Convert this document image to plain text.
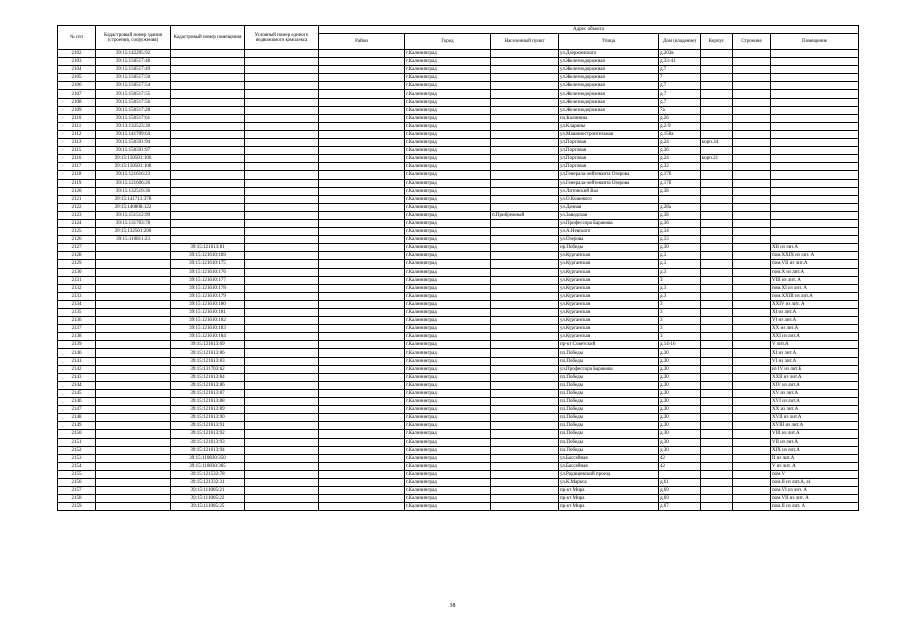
№ п/п	Кадастровый номер здания (строения, сооружения)	Кадастровый номер помещения	Условный номер единого недвижимого комплекса	Адрес объекта							
				Район	Город	Населенный пункт	Улица	Дом (владение)	Корпус	Строение	Помещение
2102	39:15:142205:92				г.Калининград		ул.Дзержинского	д.203в			
2103	39:15:150517:48				г.Калининград		ул.Железнодорожная	д.33-41			
2104	39:15:150517:49				г.Калининград		ул.Железнодорожная	д.7			
2105	39:15:150517:50				г.Калининград		ул.Железнодорожная	7			
2106	39:15:150517:54				г.Калининград		ул.Железнодорожная	д.7			
2107	39:15:150517:55				г.Калининград		ул.Железнодорожная	д.7			
2108	39:15:150517:56				г.Калининград		ул.Железнодорожная	д.7			
2109	39:15:150517:28				г.Калининград		ул.Железнодорожная	7а			
2110	39:15:150517:61				г.Калининград		пл.Калинина	д.26			
2111	39:13:132523:30				г.Калининград		ул.Кларины	д.2-9			
2112	39:15:141709:64				г.Калининград		ул.Машиностроительная	д.158а			
2113	39:15:150501:94				г.Калининград		ул.Портовая	д.24	корп.34		
2115	39:15:150501:97				г.Калининград		ул.Портовая	д.36			
2116	39:15:150501:106				г.Калининград		ул.Портовая	д.24	корп.21		
2117	39:15:150501:108				г.Калининград		ул.Портовая	д.32			
2118	39:15:121616:23				г.Калининград		ул.Генерала-лейтенанта Озерова	д.17б			
2119	39:15:121606:26				г.Калининград		ул.Генерала-лейтенанта Озерова	д.17б			
2120	39:15:132519:36				г.Калининград		ул.Литовский Вал	д.38			
2121	39:15:141713:378				г.Калининград		ул.О.Кошевого				
2122	39:15:140808:122				г.Калининград		ул.Дачная	д.28а			
2123	39:15:151512:99				г.Калининград	п.Прибрежный	ул.Заводская	д.38			
2124	39:15:131703:78				г.Калининград		ул.Профессора Баранова	д.36			
2125	39:15:132501:200				г.Калининград		ул.А.Невского	д.34			
2126	39:15:110811:23				г.Калининград		ул.Озерова	д.33			
2127		39:15:121613:81			г.Калининград		пр.Победы	д.30			XII пз лит.А
2128		39:15:121610:189			г.Калининград		ул.Курганская	д.3			пом.XXIX из лит. А
2129		39:15:121610:175			г.Калининград		ул.Курганская	д.3			пом.VII из лит.А
2130		39:15:121610:176			г.Калининград		ул.Курганская	д.3			пом.X из лит.А
2131		39:15:121610:177			г.Калининград		ул.Курганская	3			VIII из лит. А
2132		39:15:121610:178			г.Калининград		ул.Курганская	д.3			пом.XI из лит. А
2133		39:15:121610:179			г.Калининград		ул.Курганская	д.3			пом.XXIII из лит.А
2134		39:15:121610:180			г.Калининград		ул.Курганская	3			XXIV из лит. А
2135		39:15:121610:181			г.Калининград		ул.Курганская	3			XI из лит.А
2136		39:15:121610:182			г.Калининград		ул.Курганская	3			VI из лит.А
2137		39:15:121610:183			г.Калининград		ул.Курганская	3			XX из лит.А
2138		39:15:121610:184			г.Калининград		ул.Курганская	3			XXI из лит.А
2139		39:15:121613:69			г.Калининград		пр-кт Советский	д.14-16			V лит.А
2140		39:15:121613:86			г.Калининград		пл.Победы	д.30			XI из лит.А
2141		39:15:121613:83			г.Калининград		пл.Победы	д.30			VI из лит.А
2142		39:15:131703:62			г.Калининград		ул.Профессора Баранова	д.30			из IV из лит.Б
2143		39:15:121613:84			г.Калининград		пл.Победы	д.30			XXII из лит.А
2144		39:15:121613:86			г.Калининград		пл.Победы	д.30			XIV из лит.А
2145		39:15:121613:87			г.Калининград		пл.Победы	д.30			XV из лит.А
2146		39:15:121613:88			г.Калининград		пл.Победы	д.30			XVI из лит.А
2147		39:15:121613:89			г.Калининград		пл.Победы	д.30			XX из лит.А
2148		39:15:121613:90			г.Калининград		пл.Победы	д.30			XVII из лит.А
2149		39:15:121613:91			г.Калининград		пл.Победы	д.30			XVIII из лит.А
2150		39:15:121613:92			г.Калининград		пл.Победы	д.30			VIII из лит.А
2151		39:15:121613:93			г.Калининград		пл.Победы	д.30			VII из лит.А
2152		39:15:121613:94			г.Калининград		пл.Победы	д.30			XIX из лит.А
2153		39:15:110830:350			г.Калининград		ул.Бассейная	42			II из лит.А
2154		39:15:110830:365			г.Калининград		ул.Бассейная	42			V из лит. А
2155		39:15:121532:78			г.Калининград		ул.Радищевский проезд				пом.V
2156		39:15:121332:31			г.Калининград		ул.К.Маркса	д.61			пом.II из лит.А, а1
2157		39:15:111005:21			г.Калининград		пр-кт Мира	д.69			пом.VI из лит. А
2158		39:15:111005:22			г.Калининград		пр-кт Мира	д.69			пом.VII из лит. А
2159		39:15:111005:25			г.Калининград		пр-кт Мира	д.67			пом.II из лит. А
38
